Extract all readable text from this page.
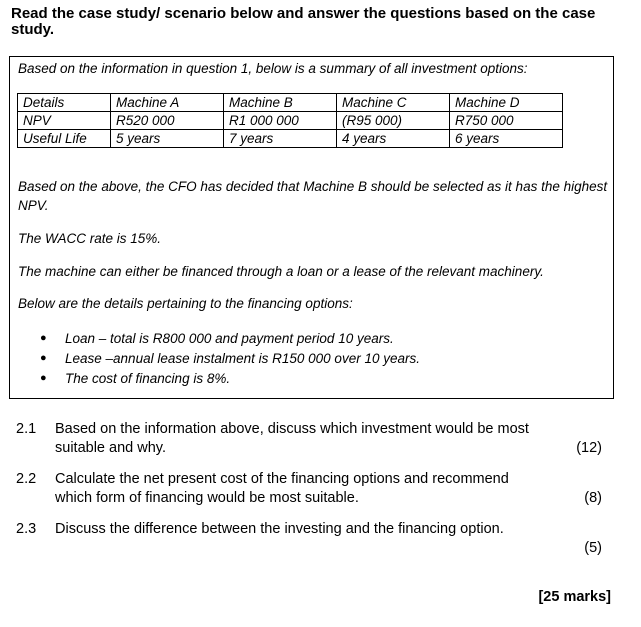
Read the case study/ scenario below and answer the questions based on the case study.
Based on the information in question 1, below is a summary of all investment options:
Details	Machine A	Machine B	Machine C	Machine D
NPV	R520 000	R1 000 000	(R95 000)	R750 000
Useful Life	5 years	7 years	4 years	6 years
Based on the above, the CFO has decided that Machine B should be selected as it has the highest NPV.
The WACC rate is 15%.
The machine can either be financed through a loan or a lease of the relevant machinery.
Below are the details pertaining to the financing options:
●	Loan – total is R800 000 and payment period 10 years.
●	Lease –annual lease instalment is R150 000 over 10 years.
●	The cost of financing is 8%.
2.1 Based on the information above, discuss which investment would be most suitable and why.	(12)
2.2 Calculate the net present cost of the financing options and recommend which form of financing would be most suitable.	(8)
2.3 Discuss the difference between the investing and the financing option.
(5)
[25 marks]
